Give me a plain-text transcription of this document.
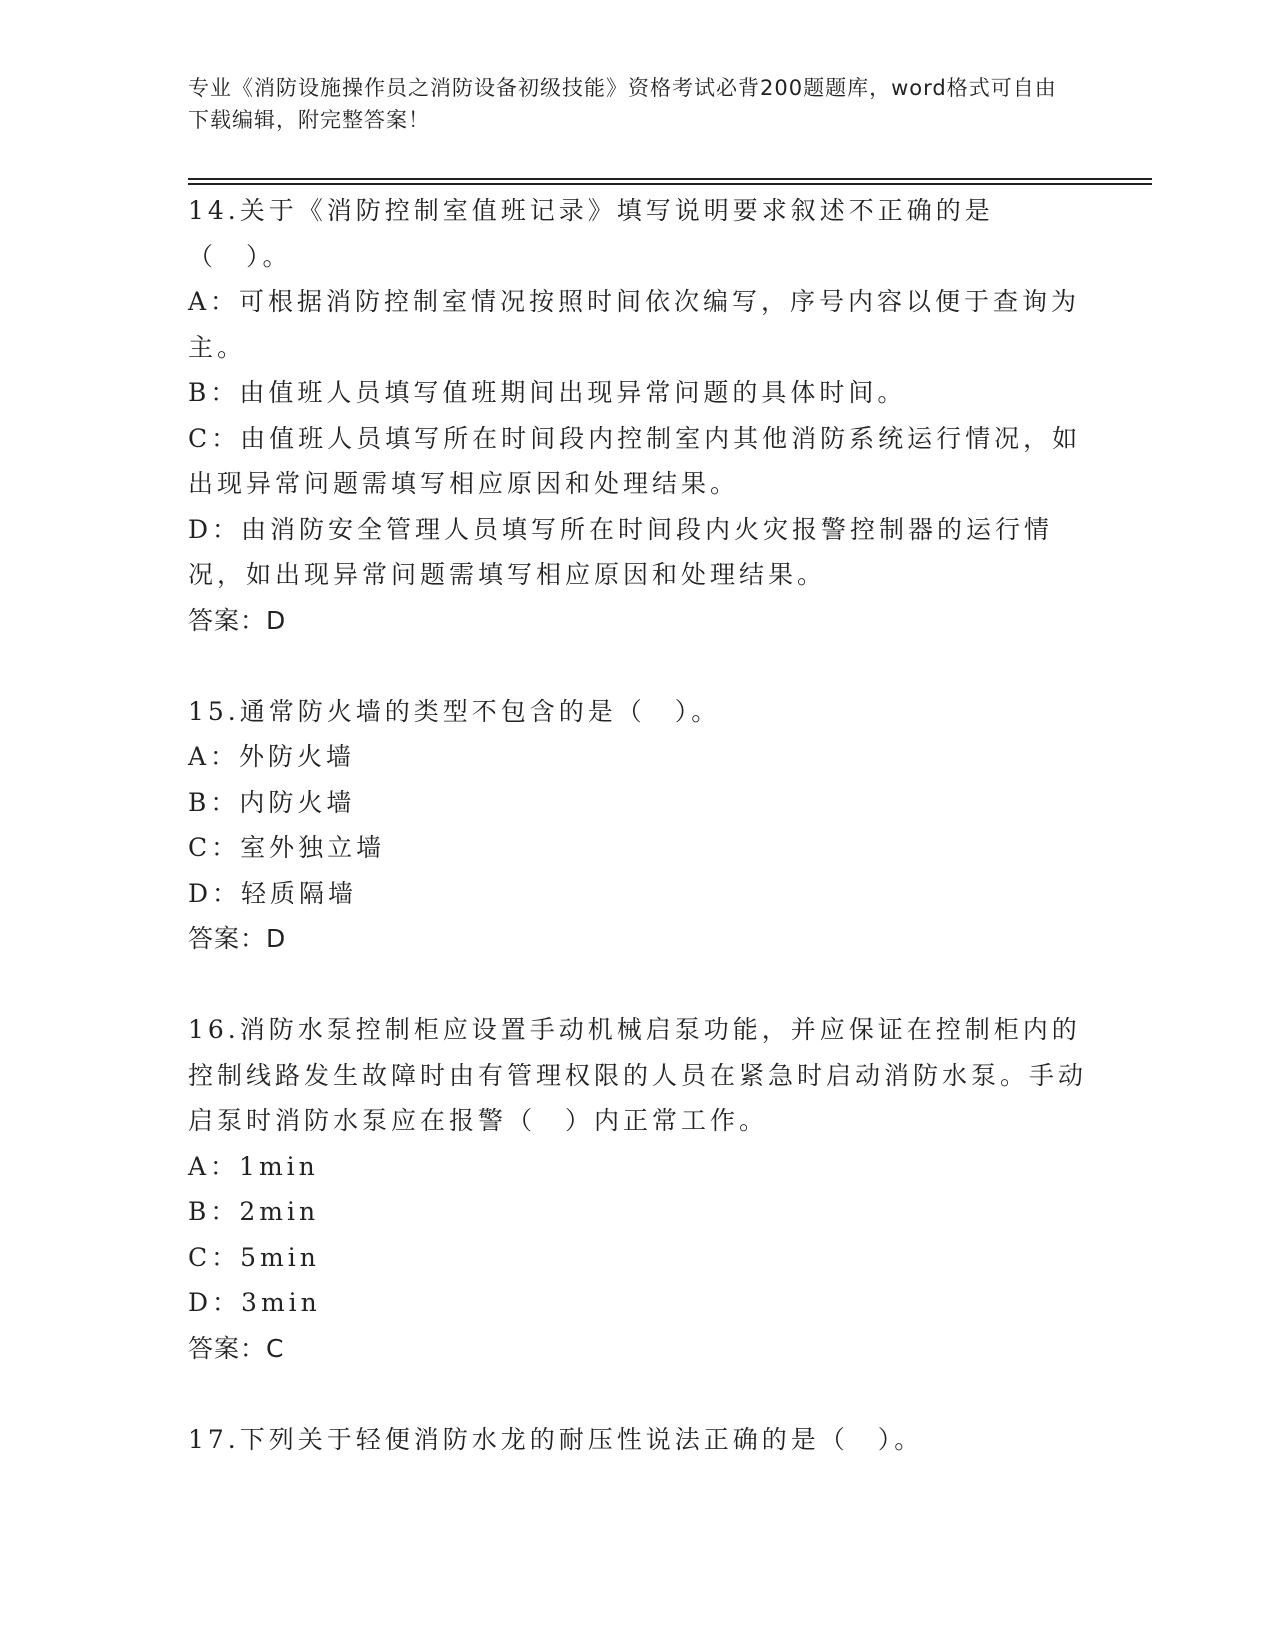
专业《消防设施操作员之消防设备初级技能》资格考试必背200题题库，word格式可自由下载编辑，附完整答案！

14.关于《消防控制室值班记录》填写说明要求叙述不正确的是（　）。

A：可根据消防控制室情况按照时间依次编写，序号内容以便于查询为主。

B：由值班人员填写值班期间出现异常问题的具体时间。

C：由值班人员填写所在时间段内控制室内其他消防系统运行情况，如出现异常问题需填写相应原因和处理结果。

D：由消防安全管理人员填写所在时间段内火灾报警控制器的运行情况，如出现异常问题需填写相应原因和处理结果。

答案：D

15.通常防火墙的类型不包含的是（　）。

A：外防火墙

B：内防火墙

C：室外独立墙

D：轻质隔墙

答案：D

16.消防水泵控制柜应设置手动机械启泵功能，并应保证在控制柜内的控制线路发生故障时由有管理权限的人员在紧急时启动消防水泵。手动启泵时消防水泵应在报警（　）内正常工作。

A：1min

B：2min

C：5min

D：3min

答案：C

17.下列关于轻便消防水龙的耐压性说法正确的是（　）。
